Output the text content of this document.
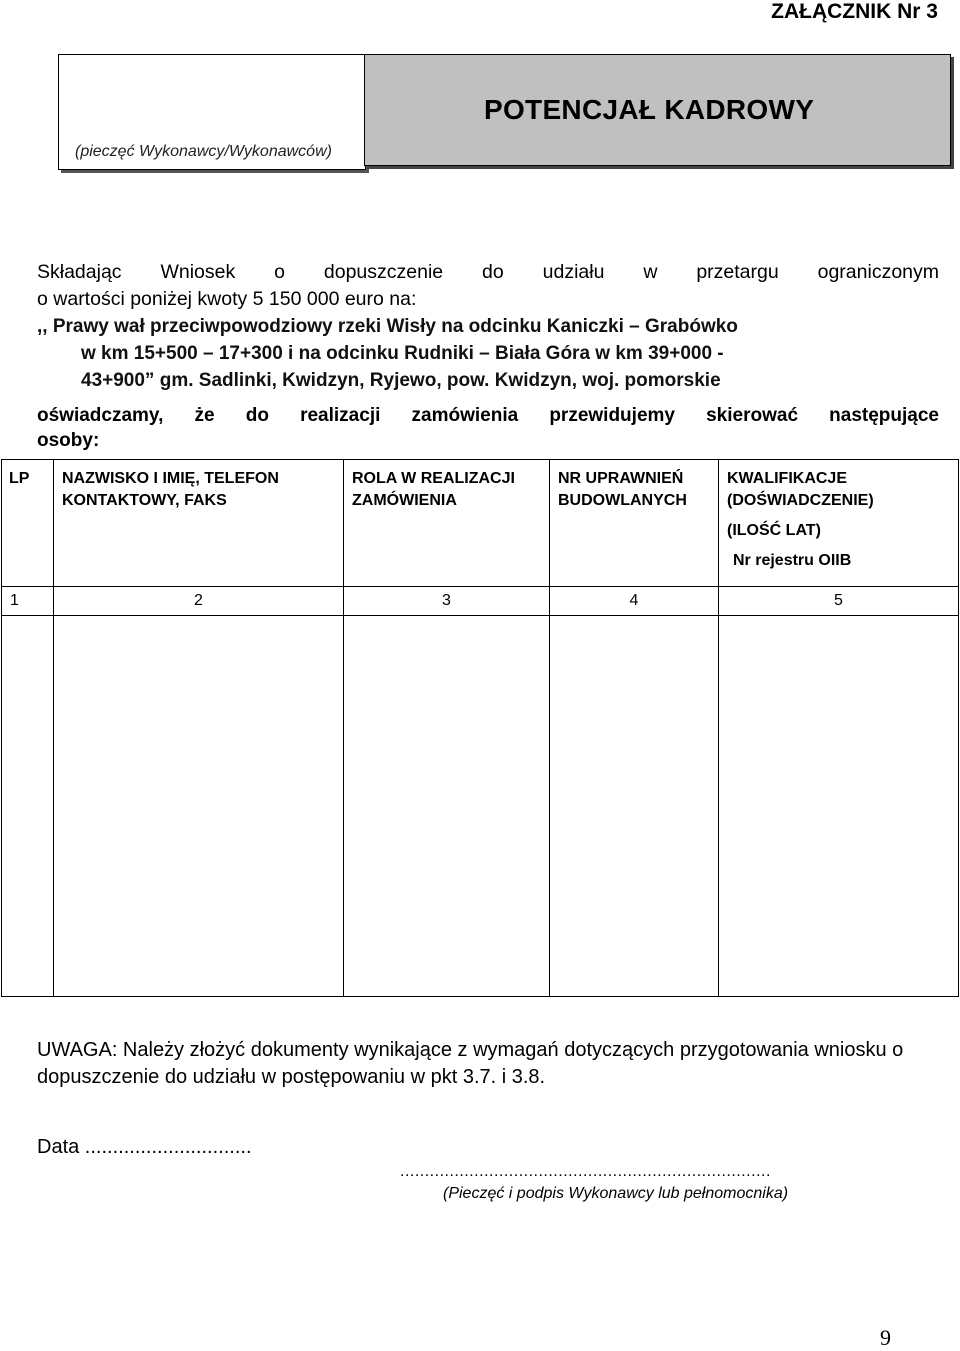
ZAŁĄCZNIK Nr 3
(pieczęć Wykonawcy/Wykonawców)
POTENCJAŁ KADROWY
Składając Wniosek o dopuszczenie do udziału w przetargu ograniczonym
o wartości poniżej kwoty 5 150 000 euro na:
,, Prawy wał przeciwpowodziowy rzeki Wisły na odcinku Kaniczki – Grabówko
w km 15+500 – 17+300 i na odcinku Rudniki – Biała Góra w km 39+000 -
43+900” gm. Sadlinki, Kwidzyn, Ryjewo, pow. Kwidzyn, woj. pomorskie
oświadczamy, że do realizacji zamówienia przewidujemy skierować następujące
osoby:
LP	NAZWISKO I IMIĘ, TELEFON KONTAKTOWY, FAKS	ROLA W REALIZACJI ZAMÓWIENIA	NR UPRAWNIEŃ BUDOWLANYCH	KWALIFIKACJE (DOŚWIADCZENIE)
(ILOŚĆ LAT)
Nr rejestru OIIB

1	2	3	4	5

UWAGA: Należy złożyć dokumenty wynikające z wymagań dotyczących przygotowania wniosku o dopuszczenie do udziału w postępowaniu w pkt 3.7. i 3.8.
Data ..............................
...........................................................................
(Pieczęć i podpis Wykonawcy lub pełnomocnika)
9
